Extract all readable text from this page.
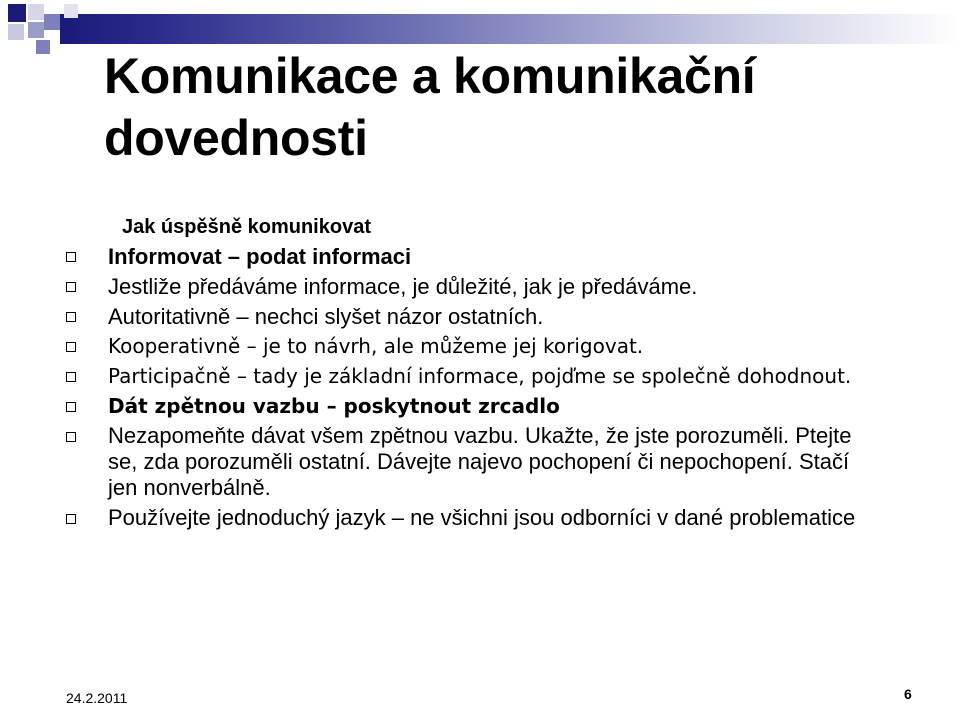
Komunikace a komunikační dovednosti
Jak úspěšně komunikovat
Informovat – podat informaci
Jestliže předáváme informace, je důležité, jak je předáváme.
Autoritativně – nechci slyšet názor ostatních.
Kooperativně – je to návrh, ale můžeme jej korigovat.
Participačně – tady je základní informace, pojďme se společně dohodnout.
Dát zpětnou vazbu – poskytnout zrcadlo
Nezapomeňte dávat všem zpětnou vazbu. Ukažte, že jste porozuměli. Ptejte se, zda porozuměli ostatní. Dávejte najevo pochopení či nepochopení. Stačí jen nonverbálně.
Používejte jednoduchý jazyk – ne všichni jsou odborníci v dané problematice
24.2.2011	6
